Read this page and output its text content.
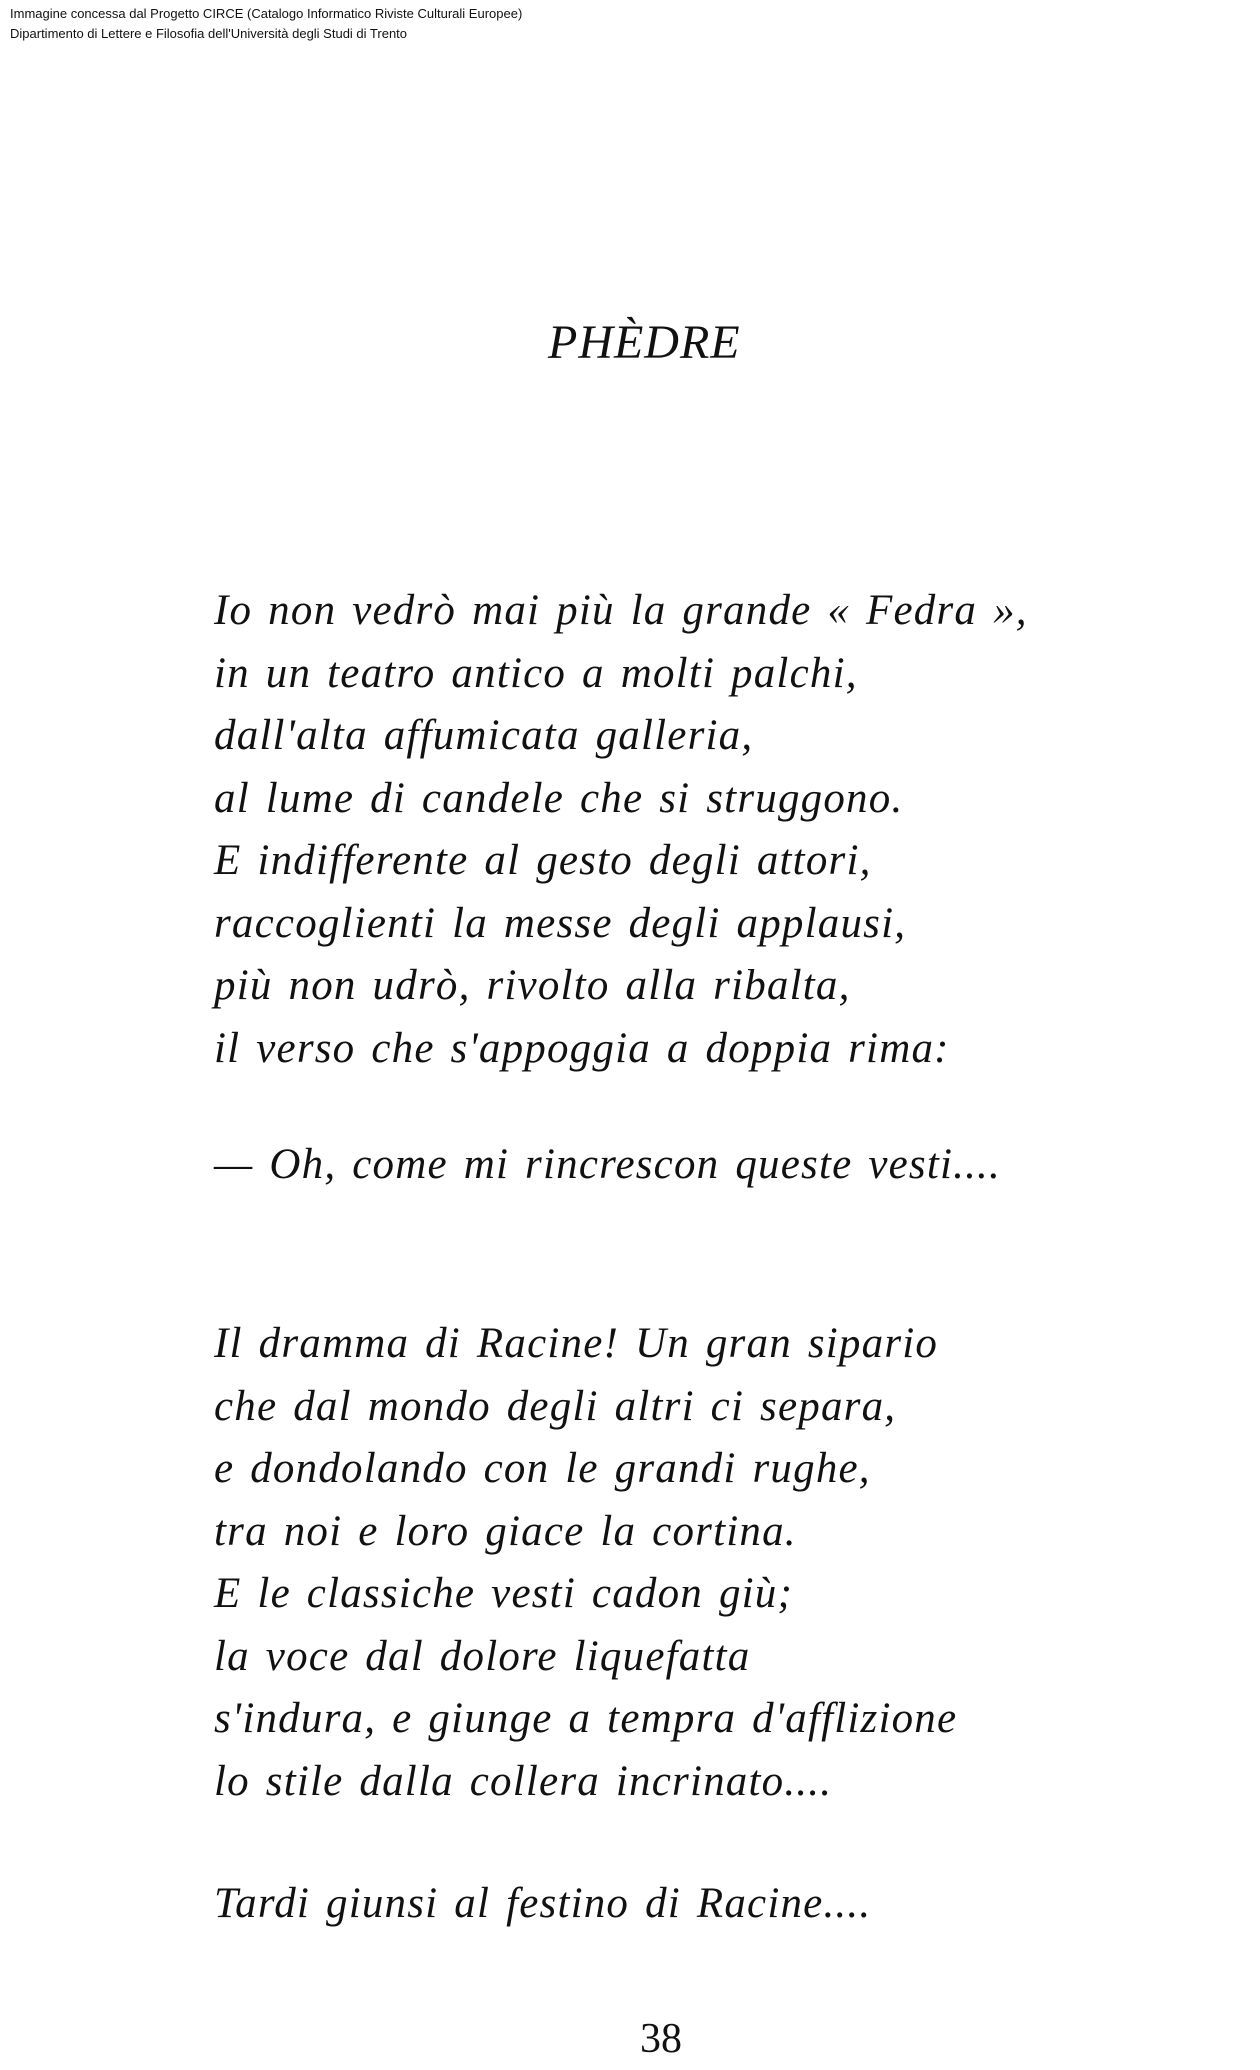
Immagine concessa dal Progetto CIRCE (Catalogo Informatico Riviste Culturali Europee)
Dipartimento di Lettere e Filosofia dell'Università degli Studi di Trento
PHÈDRE
Io non vedrò mai più la grande « Fedra »,
in un teatro antico a molti palchi,
dall'alta affumicata galleria,
al lume di candele che si struggono.
E indifferente al gesto degli attori,
raccoglienti la messe degli applausi,
più non udrò, rivolto alla ribalta,
il verso che s'appoggia a doppia rima:
— Oh, come mi rincrescon queste vesti....
Il dramma di Racine! Un gran sipario
che dal mondo degli altri ci separa,
e dondolando con le grandi rughe,
tra noi e loro giace la cortina.
E le classiche vesti cadon giù;
la voce dal dolore liquefatta
s'indura, e giunge a tempra d'afflizione
lo stile dalla collera incrinato....
Tardi giunsi al festino di Racine....
38
